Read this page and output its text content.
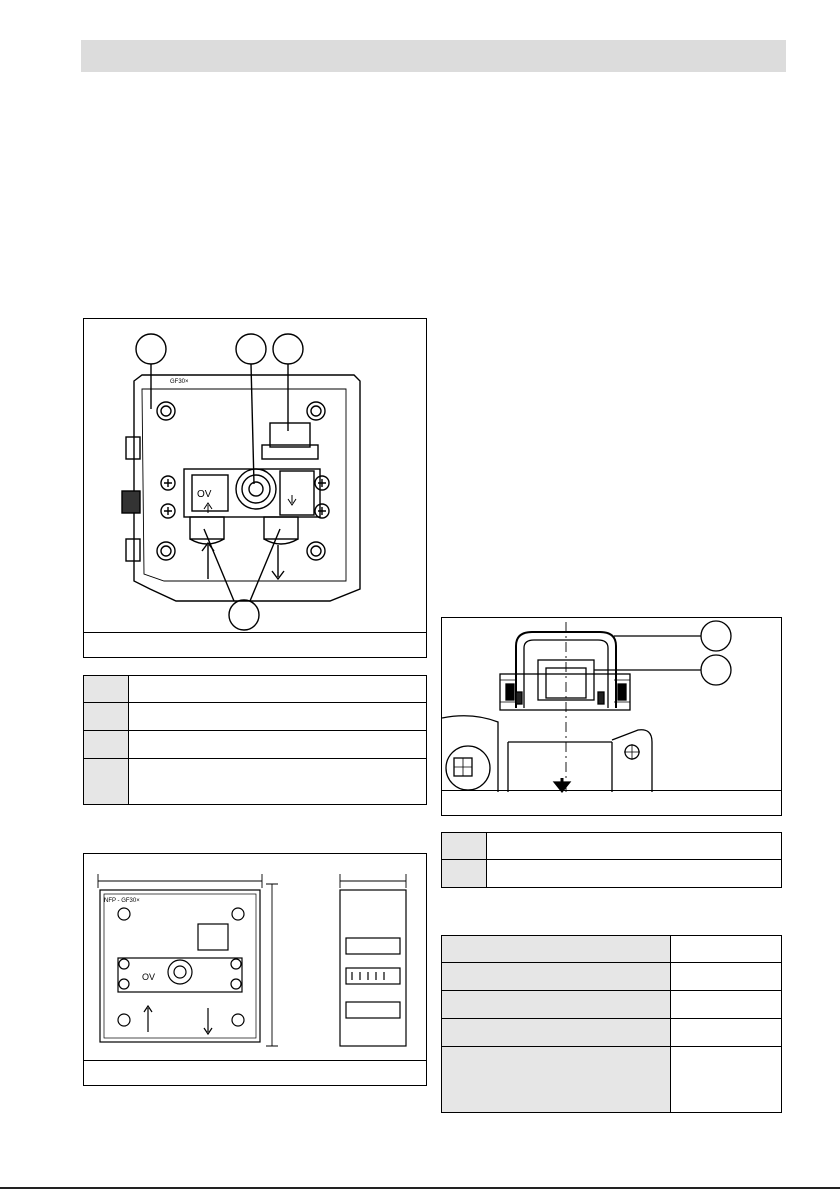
GF30×
OV

NFP - GF30×
OV
